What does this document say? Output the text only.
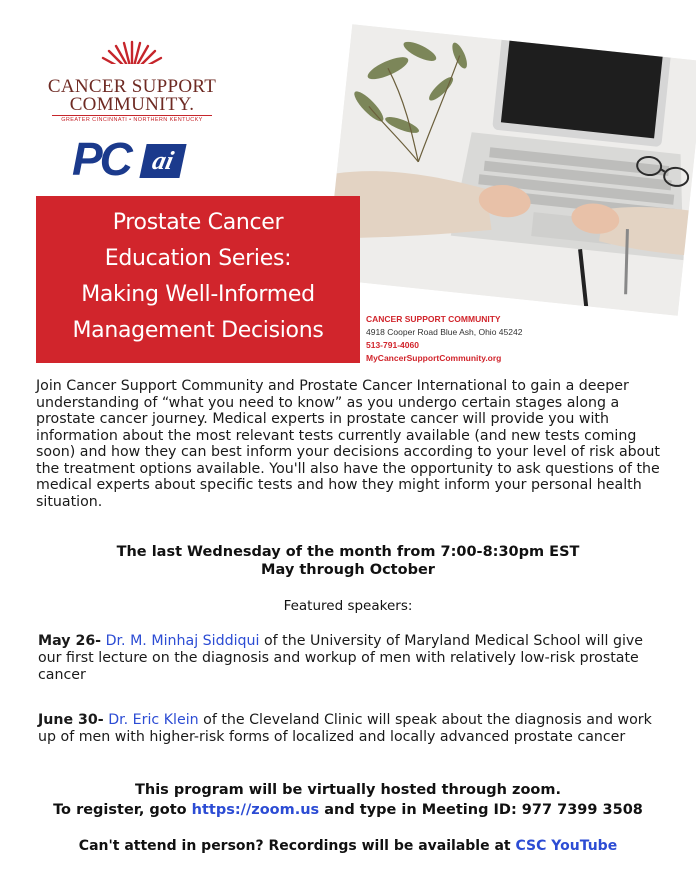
CANCER SUPPORT
COMMUNITY.
GREATER CINCINNATI • NORTHERN KENTUCKY
PC ai
Prostate Cancer
Education Series:
Making Well-Informed
Management Decisions	CANCER SUPPORT COMMUNITY
4918 Cooper Road Blue Ash, Ohio 45242
513-791-4060
MyCancerSupportCommunity.org
Join Cancer Support Community and Prostate Cancer International to gain a deeper understanding of “what you need to know” as you undergo certain stages along a prostate cancer journey. Medical experts in prostate cancer will provide you with information about the most relevant tests currently available (and new tests coming soon) and how they can best inform your decisions according to your level of risk about the treatment options available. You'll also have the opportunity to ask questions of the medical experts about specific tests and how they might inform your personal health situation.
The last Wednesday of the month from 7:00-8:30pm EST
May through October
Featured speakers:
May 26- Dr. M. Minhaj Siddiqui of the University of Maryland Medical School will give our first lecture on the diagnosis and workup of men with relatively low-risk prostate cancer
June 30- Dr. Eric Klein of the Cleveland Clinic will speak about the diagnosis and work up of men with higher-risk forms of localized and locally advanced prostate cancer
This program will be virtually hosted through zoom.
To register, goto https://zoom.us and type in Meeting ID: 977 7399 3508
Can't attend in person? Recordings will be available at CSC YouTube
